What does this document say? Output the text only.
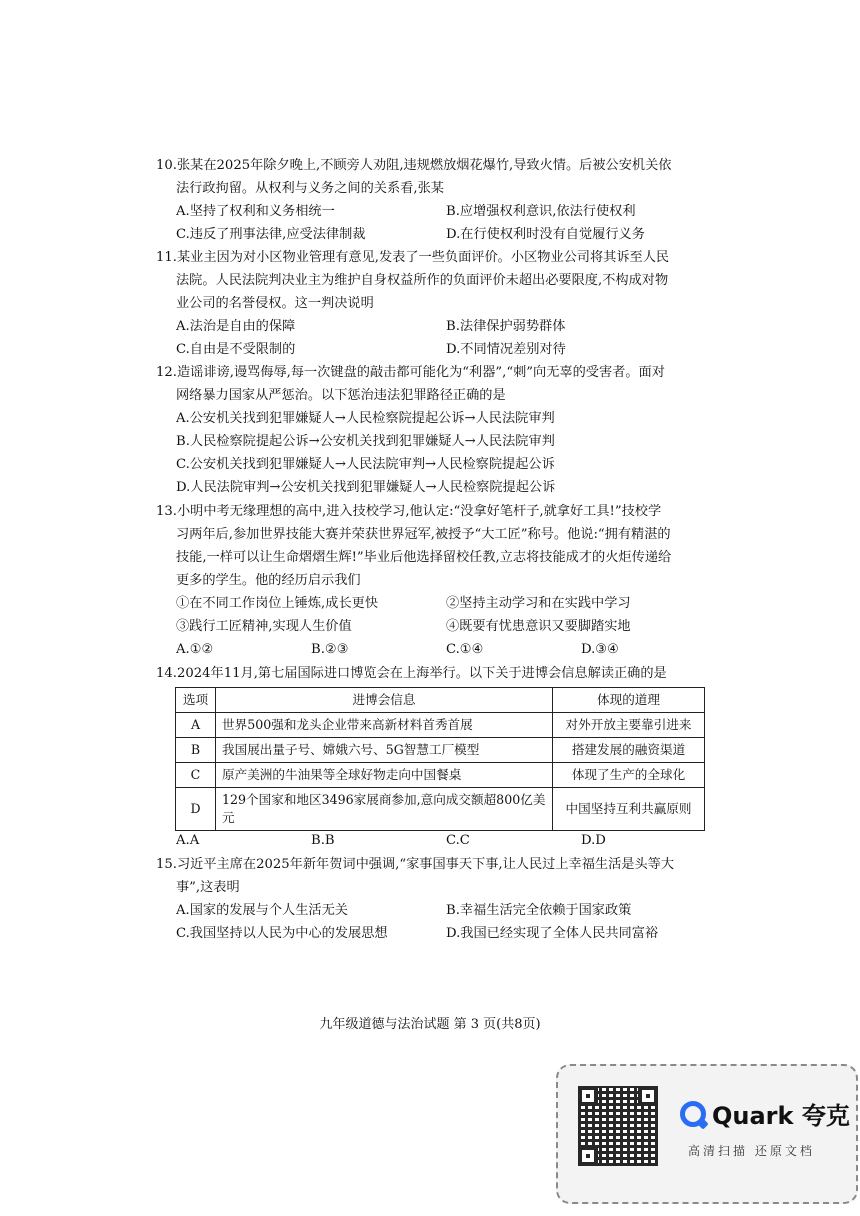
10.张某在2025年除夕晚上,不顾旁人劝阻,违规燃放烟花爆竹,导致火情。后被公安机关依
法行政拘留。从权利与义务之间的关系看,张某
A.坚持了权利和义务相统一	B.应增强权利意识,依法行使权利
C.违反了刑事法律,应受法律制裁	D.在行使权利时没有自觉履行义务
11.某业主因为对小区物业管理有意见,发表了一些负面评价。小区物业公司将其诉至人民
法院。人民法院判决业主为维护自身权益所作的负面评价未超出必要限度,不构成对物
业公司的名誉侵权。这一判决说明
A.法治是自由的保障	B.法律保护弱势群体
C.自由是不受限制的	D.不同情况差别对待
12.造谣诽谤,谩骂侮辱,每一次键盘的敲击都可能化为“利器”,“刺”向无辜的受害者。面对
网络暴力国家从严惩治。以下惩治违法犯罪路径正确的是
A.公安机关找到犯罪嫌疑人→人民检察院提起公诉→人民法院审判
B.人民检察院提起公诉→公安机关找到犯罪嫌疑人→人民法院审判
C.公安机关找到犯罪嫌疑人→人民法院审判→人民检察院提起公诉
D.人民法院审判→公安机关找到犯罪嫌疑人→人民检察院提起公诉
13.小明中考无缘理想的高中,进入技校学习,他认定:“没拿好笔杆子,就拿好工具!”技校学
习两年后,参加世界技能大赛并荣获世界冠军,被授予“大工匠”称号。他说:“拥有精湛的
技能,一样可以让生命熠熠生辉!”毕业后他选择留校任教,立志将技能成才的火炬传递给
更多的学生。他的经历启示我们
①在不同工作岗位上锤炼,成长更快	②坚持主动学习和在实践中学习
③践行工匠精神,实现人生价值	④既要有忧患意识又要脚踏实地
A.①②	B.②③	C.①④	D.③④
14.2024年11月,第七届国际进口博览会在上海举行。以下关于进博会信息解读正确的是
选项	进博会信息	体现的道理
A	世界500强和龙头企业带来高新材料首秀首展	对外开放主要靠引进来
B	我国展出量子号、嫦娥六号、5G智慧工厂模型	搭建发展的融资渠道
C	原产美洲的牛油果等全球好物走向中国餐桌	体现了生产的全球化
D	129个国家和地区3496家展商参加,意向成交额超800亿美元	中国坚持互利共赢原则
A.A	B.B	C.C	D.D
15.习近平主席在2025年新年贺词中强调,“家事国事天下事,让人民过上幸福生活是头等大
事”,这表明
A.国家的发展与个人生活无关	B.幸福生活完全依赖于国家政策
C.我国坚持以人民为中心的发展思想	D.我国已经实现了全体人民共同富裕
九年级道德与法治试题 第 3 页(共8页)
Quark 夸克
高清扫描 还原文档
